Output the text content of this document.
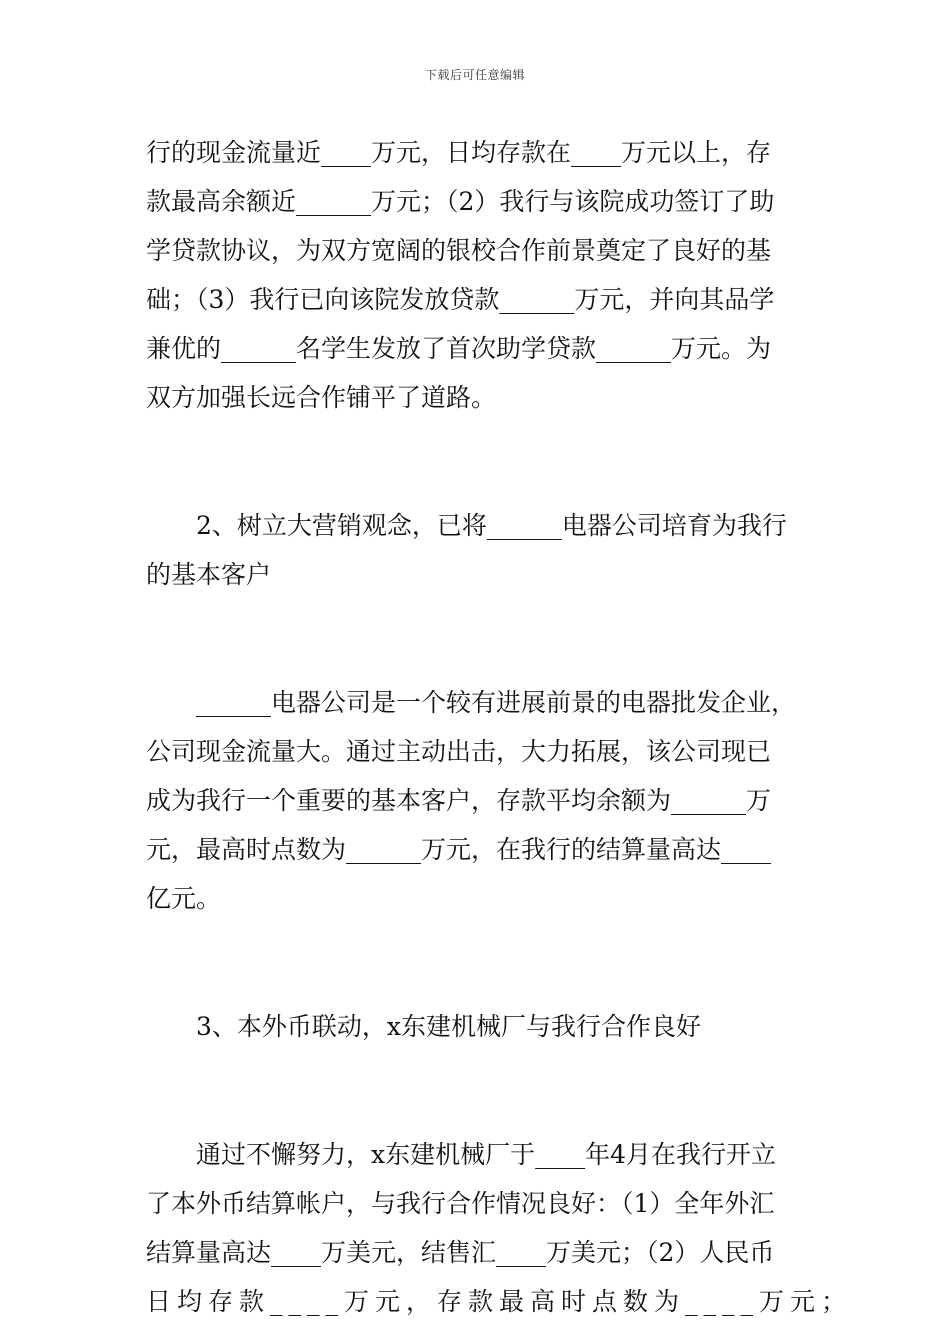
下载后可任意编辑
行的现金流量近____万元，日均存款在____万元以上，存
款最高余额近______万元；（2）我行与该院成功签订了助
学贷款协议，为双方宽阔的银校合作前景奠定了良好的基
础；（3）我行已向该院发放贷款______万元，并向其品学
兼优的______名学生发放了首次助学贷款______万元。为
双方加强长远合作铺平了道路。
2、树立大营销观念，已将______电器公司培育为我行
的基本客户
______电器公司是一个较有进展前景的电器批发企业，
公司现金流量大。通过主动出击，大力拓展，该公司现已
成为我行一个重要的基本客户，存款平均余额为______万
元，最高时点数为______万元，在我行的结算量高达____
亿元。
3、本外币联动，x东建机械厂与我行合作良好
通过不懈努力，x东建机械厂于____年4月在我行开立
了本外币结算帐户，与我行合作情况良好：（1）全年外汇
结算量高达____万美元，结售汇____万美元；（2）人民币
日均存款____万元，存款最高时点数为____万元；
